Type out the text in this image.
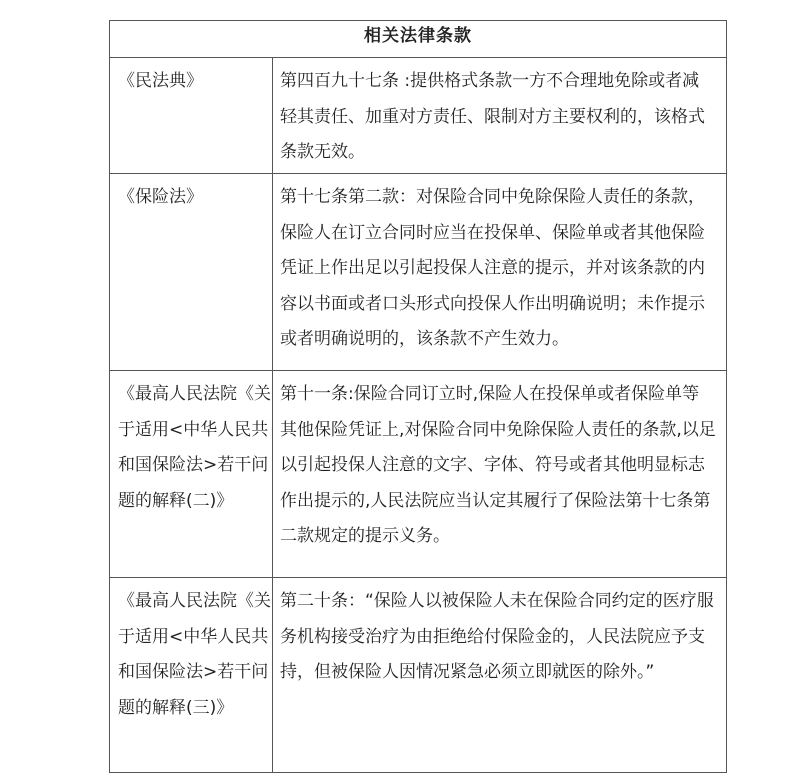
相关法律条款	

《民法典》	第四百九十七条 :提供格式条款一方不合理地免除或者减轻其责任、加重对方责任、限制对方主要权利的，该格式条款无效。

《保险法》	第十七条第二款：对保险合同中免除保险人责任的条款，保险人在订立合同时应当在投保单、保险单或者其他保险凭证上作出足以引起投保人注意的提示，并对该条款的内容以书面或者口头形式向投保人作出明确说明；未作提示或者明确说明的，该条款不产生效力。

《最高人民法院《关于适用<中华人民共和国保险法>若干问题的解释(二)》	第十一条:保险合同订立时,保险人在投保单或者保险单等其他保险凭证上,对保险合同中免除保险人责任的条款,以足以引起投保人注意的文字、字体、符号或者其他明显标志作出提示的,人民法院应当认定其履行了保险法第十七条第二款规定的提示义务。

《最高人民法院《关于适用<中华人民共和国保险法>若干问题的解释(三)》	第二十条：“保险人以被保险人未在保险合同约定的医疗服务机构接受治疗为由拒绝给付保险金的，人民法院应予支持，但被保险人因情况紧急必须立即就医的除外。”
